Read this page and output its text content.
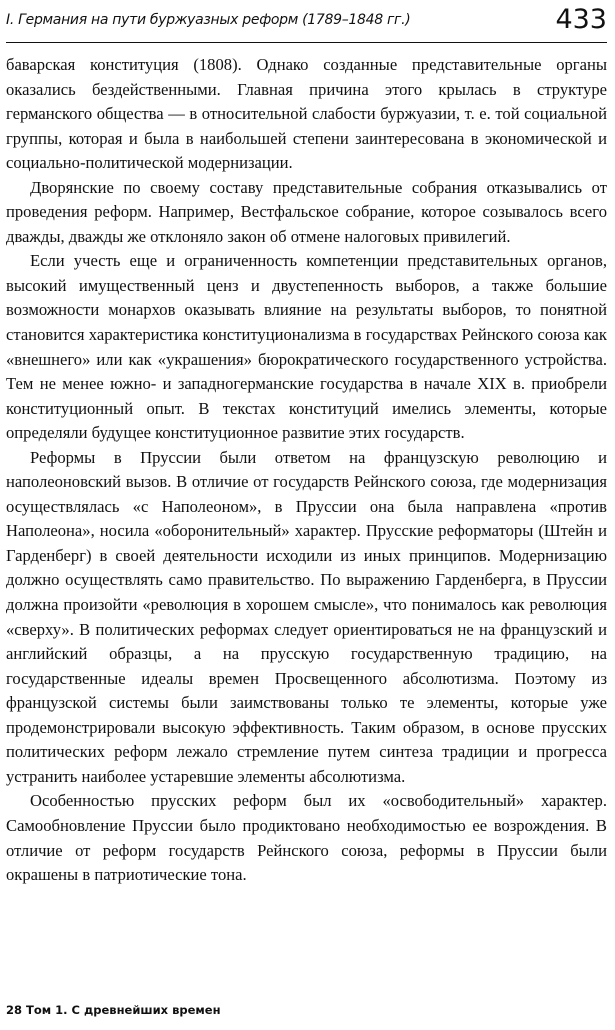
I. Германия на пути буржуазных реформ (1789–1848 гг.)	433

баварская конституция (1808). Однако созданные представительные органы оказались бездейственными. Главная причина этого крылась в структуре германского общества — в относительной слабости буржуазии, т. е. той социальной группы, которая и была в наибольшей степени заинтересована в экономической и социально-политической модернизации.

Дворянские по своему составу представительные собрания отказывались от проведения реформ. Например, Вестфальское собрание, которое созывалось всего дважды, дважды же отклоняло закон об отмене налоговых привилегий.

Если учесть еще и ограниченность компетенции представительных органов, высокий имущественный ценз и двустепенность выборов, а также большие возможности монархов оказывать влияние на результаты выборов, то понятной становится характеристика конституционализма в государствах Рейнского союза как «внешнего» или как «украшения» бюрократического государственного устройства. Тем не менее южно- и западногерманские государства в начале XIX в. приобрели конституционный опыт. В текстах конституций имелись элементы, которые определяли будущее конституционное развитие этих государств.

Реформы в Пруссии были ответом на французскую революцию и наполеоновский вызов. В отличие от государств Рейнского союза, где модернизация осуществлялась «с Наполеоном», в Пруссии она была направлена «против Наполеона», носила «оборонительный» характер. Прусские реформаторы (Штейн и Гарденберг) в своей деятельности исходили из иных принципов. Модернизацию должно осуществлять само правительство. По выражению Гарденберга, в Пруссии должна произойти «революция в хорошем смысле», что понималось как революция «сверху». В политических реформах следует ориентироваться не на французский и английский образцы, а на прусскую государственную традицию, на государственные идеалы времен Просвещенного абсолютизма. Поэтому из французской системы были заимствованы только те элементы, которые уже продемонстрировали высокую эффективность. Таким образом, в основе прусских политических реформ лежало стремление путем синтеза традиции и прогресса устранить наиболее устаревшие элементы абсолютизма.

Особенностью прусских реформ был их «освободительный» характер. Самообновление Пруссии было продиктовано необходимостью ее возрождения. В отличие от реформ государств Рейнского союза, реформы в Пруссии были окрашены в патриотические тона.

28 Том 1. С древнейших времен
